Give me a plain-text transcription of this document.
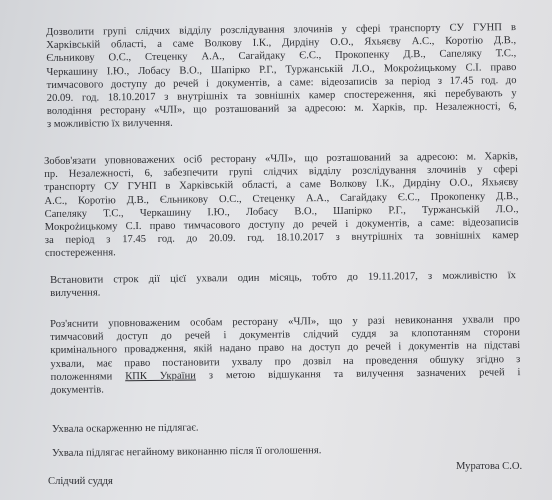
Дозволити групі слідчих відділу розслідування злочинів у сфері транспорту СУ ГУНП в
Харківській області, а саме Волкову І.К., Дирдіну О.О., Яхьяєву А.С., Коротію Д.В.,
Єльникову О.С., Стеценку А.А., Сагайдаку Є.С., Прокопенку Д.В., Сапеляку Т.С.,
Черкашину І.Ю., Лобасу В.О., Шапірко Р.Г., Туржанській Л.О., Мокроżицькому С.І. право
тимчасового доступу до речей і документів, а саме: відеозаписів за період з 17.45 год. до
20.09. год. 18.10.2017 з внутрішніх та зовнішніх камер спостереження, які перебувають у
володіння ресторану «ЧЛІ», що розташований за адресою: м. Харків, пр. Незалежності, 6,
з можливістю їх вилучення.
Зобов'язати уповноважених осіб ресторану «ЧЛІ», що розташований за адресою: м. Харків,
пр. Незалежності, 6, забезпечити групі слідчих відділу розслідування злочинів у сфері
транспорту СУ ГУНП в Харківській області, а саме Волкову І.К., Дирдіну О.О., Яхьяєву
А.С., Коротію Д.В., Єльникову О.С., Стеценку А.А., Сагайдаку Є.С., Прокопенку Д.В.,
Сапеляку Т.С., Черкашину І.Ю., Лобасу В.О., Шапірко Р.Г., Туржанській Л.О.,
Мокроżицькому С.І. право тимчасового доступу до речей і документів, а саме: відеозаписів
за період з 17.45 год. до 20.09. год. 18.10.2017 з внутрішніх та зовнішніх камер
спостереження.
Встановити строк дії цієї ухвали один місяць, тобто до 19.11.2017, з можливістю їх
вилучення.
Роз'яснити уповноваженим особам ресторану «ЧЛІ», що у разі невиконання ухвали про
тимчасовий доступ до речей і документів слідчий суддя за клопотанням сторони
кримінального провадження, якій надано право на доступ до речей і документів на підставі
ухвали, має право постановити ухвалу про дозвіл на проведення обшуку згідно з
положеннями КПК України з метою відшукання та вилучення зазначених речей і
документів.
Ухвала оскарженню не підлягає.
Ухвала підлягає негайному виконанню після її оголошення.
Слідчий суддя
Муратова С.О.
